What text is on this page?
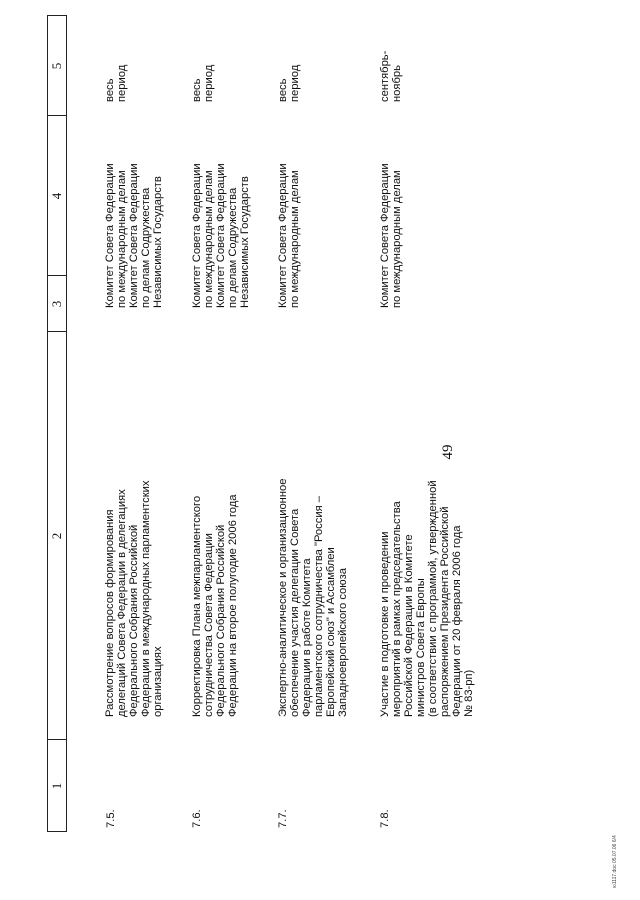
49
1
2
3
4
5
7.5.
Рассмотрение вопросов формирования
делегаций Совета Федерации в делегациях
Федерального Собрания Российской
Федерации в международных парламентских
организациях
Комитет Совета Федерации
по международным делам
Комитет Совета Федерации
по делам Содружества
Независимых Государств
весь
период
7.6.
Корректировка Плана межпарламентского
сотрудничества Совета Федерации
Федерального Собрания Российской
Федерации на второе полугодие 2006 года
Комитет Совета Федерации
по международным делам
Комитет Совета Федерации
по делам Содружества
Независимых Государств
весь
период
7.7.
Экспертно-аналитическое и организационное
обеспечение участия делегации Совета
Федерации в работе Комитета
парламентского сотрудничества "Россия –
Европейский союз" и Ассамблеи
Западноевропейского союза
Комитет Совета Федерации
по международным делам
весь
период
7.8.
Участие в подготовке и проведении
мероприятий в рамках председательства
Российской Федерации в Комитете
министров Совета Европы
(в соответствии с программой, утвержденной
распоряжением Президента Российской
Федерации от 20 февраля 2006 года
№ 83-рп)
Комитет Совета Федерации
по международным делам
сентябрь-
ноябрь
ю1117.doc 05.07.06 6/4
